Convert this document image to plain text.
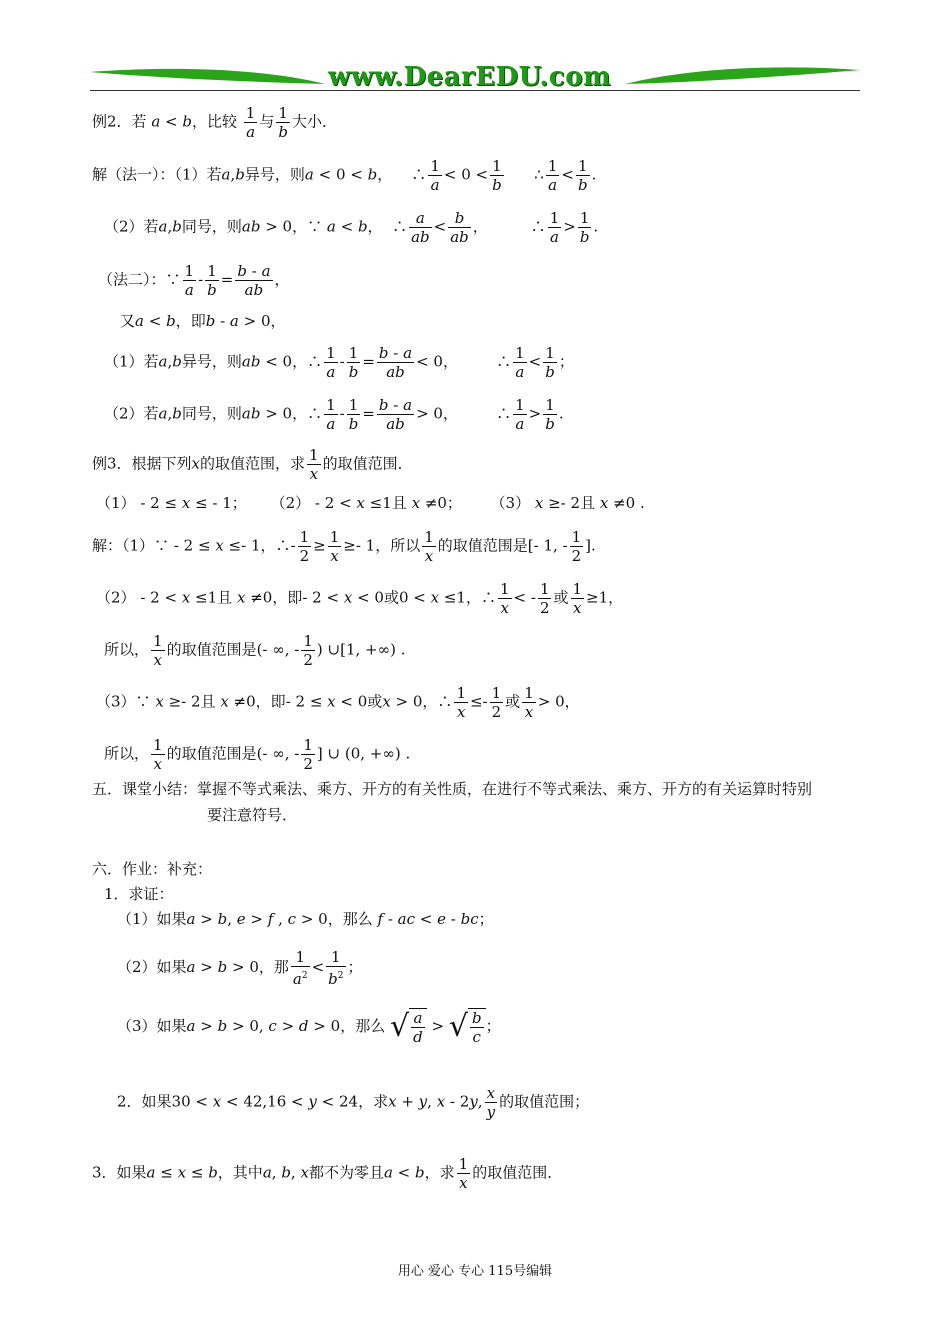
www.DearEDU.com
例2．若 a < b，比较 $\frac{1}{a}$ 与 $\frac{1}{b}$ 大小．
解（法一）：（1）若a,b异号，则a < 0 < b，    ∴ $\frac{1}{a} < 0 < \frac{1}{b}$ ∴ $\frac{1}{a} < \frac{1}{b}$ .
（2）若a,b同号，则ab > 0，∵ a < b，  ∴ $\frac{a}{ab} < \frac{b}{ab}$ ，         ∴ $\frac{1}{a} > \frac{1}{b}$ .
（法二）：∵ $\frac{1}{a} - \frac{1}{b} = \frac{b - a}{ab}$ ，
又a < b，即b - a > 0，
（1）若a,b异号，则ab < 0，∴ $\frac{1}{a} - \frac{1}{b} = \frac{b - a}{ab} < 0$，        ∴ $\frac{1}{a} < \frac{1}{b}$ ；
（2）若a,b同号，则ab > 0，∴ $\frac{1}{a} - \frac{1}{b} = \frac{b - a}{ab} > 0$，        ∴ $\frac{1}{a} > \frac{1}{b}$ .
例3．根据下列x的取值范围，求 $\frac{1}{x}$ 的取值范围．
（1） - 2 ≤ x ≤ - 1；     （2） - 2 < x ≤1且 x ≠0；      （3） x ≥- 2且 x ≠0 .
解：（1）∵ - 2 ≤ x ≤- 1，∴- $\frac{1}{2} \ge \frac{1}{x} \ge- 1$，所以 $\frac{1}{x}$ 的取值范围是[- 1, - $\frac{1}{2}$ ].
（2） - 2 < x ≤1且 x ≠0，即- 2 < x < 0或0 < x ≤1，∴ $\frac{1}{x}$ < - $\frac{1}{2}$ 或 $\frac{1}{x} \ge 1$，
所以， $\frac{1}{x}$ 的取值范围是(- ∞, - $\frac{1}{2}$ ) ∪[1, +∞) .
（3）∵ x ≥- 2且 x ≠0，即- 2 ≤ x < 0或x > 0，∴ $\frac{1}{x} \le- \frac{1}{2}$ 或 $\frac{1}{x} > 0$，
所以， $\frac{1}{x}$ 的取值范围是(- ∞, - $\frac{1}{2}$ ] ∪ (0, +∞) .
五．课堂小结：掌握不等式乘法、乘方、开方的有关性质，在进行不等式乘法、乘方、开方的有关运算时特别
要注意符号．
六．作业：补充：
1．求证：
（1）如果a > b, e > f , c > 0，那么 f - ac < e - bc；
（2）如果a > b > 0，那 $\frac{1}{a^2} < \frac{1}{b^2}$ ；
（3）如果a > b > 0, c > d > 0，那么 √ $\frac{a}{d}$ > √ $\frac{b}{c}$ ；
2．如果30 < x < 42,16 < y < 24，求x + y, x - 2y, $\frac{x}{y}$ 的取值范围；
3．如果a ≤ x ≤ b，其中a, b, x都不为零且a < b，求 $\frac{1}{x}$ 的取值范围．
用心 爱心 专心 115号编辑
